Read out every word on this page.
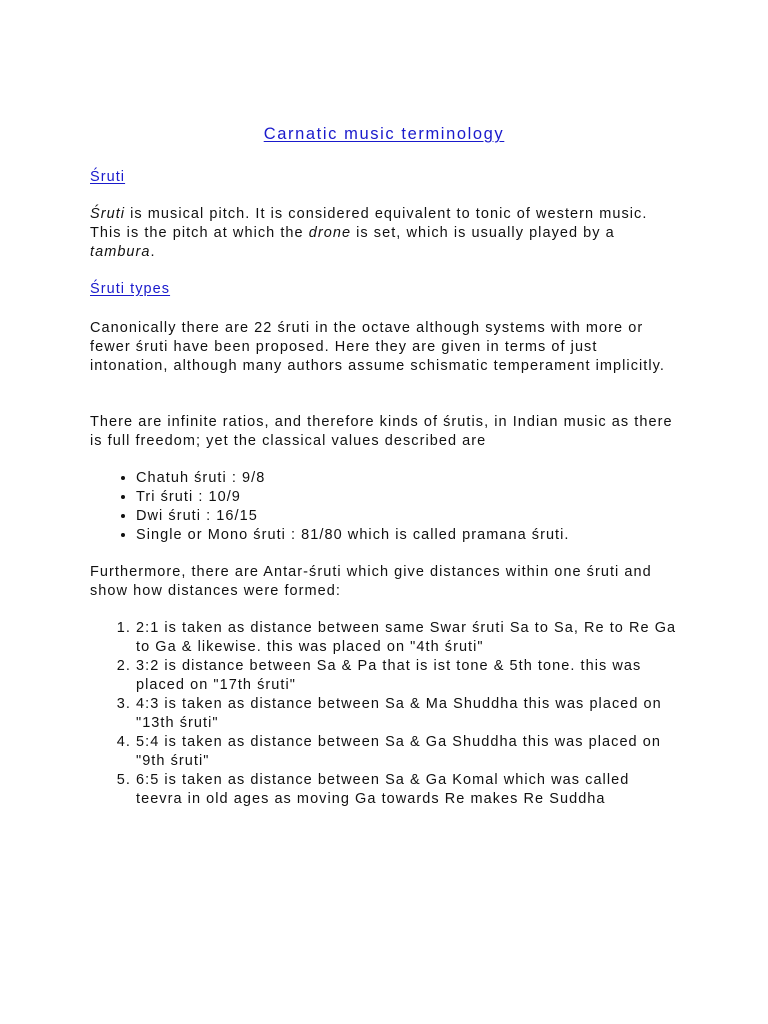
Carnatic music terminology
Śruti

Śruti is musical pitch. It is considered equivalent to tonic of western music. This is the pitch at which the drone is set, which is usually played by a tambura.

Śruti types

Canonically there are 22 śruti in the octave although systems with more or fewer śruti have been proposed. Here they are given in terms of just intonation, although many authors assume schismatic temperament implicitly.

There are infinite ratios, and therefore kinds of śrutis, in Indian music as there is full freedom; yet the classical values described are

• Chatuh śruti : 9/8
• Tri śruti : 10/9
• Dwi śruti : 16/15
• Single or Mono śruti : 81/80 which is called pramana śruti.

Furthermore, there are Antar-śruti which give distances within one śruti and show how distances were formed:

1. 2:1 is taken as distance between same Swar śruti Sa to Sa, Re to Re Ga to Ga & likewise. this was placed on "4th śruti"
2. 3:2 is distance between Sa & Pa that is ist tone & 5th tone. this was placed on "17th śruti"
3. 4:3 is taken as distance between Sa & Ma Shuddha this was placed on "13th śruti"
4. 5:4 is taken as distance between Sa & Ga Shuddha this was placed on "9th śruti"
5. 6:5 is taken as distance between Sa & Ga Komal which was called teevra in old ages as moving Ga towards Re makes Re Suddha
